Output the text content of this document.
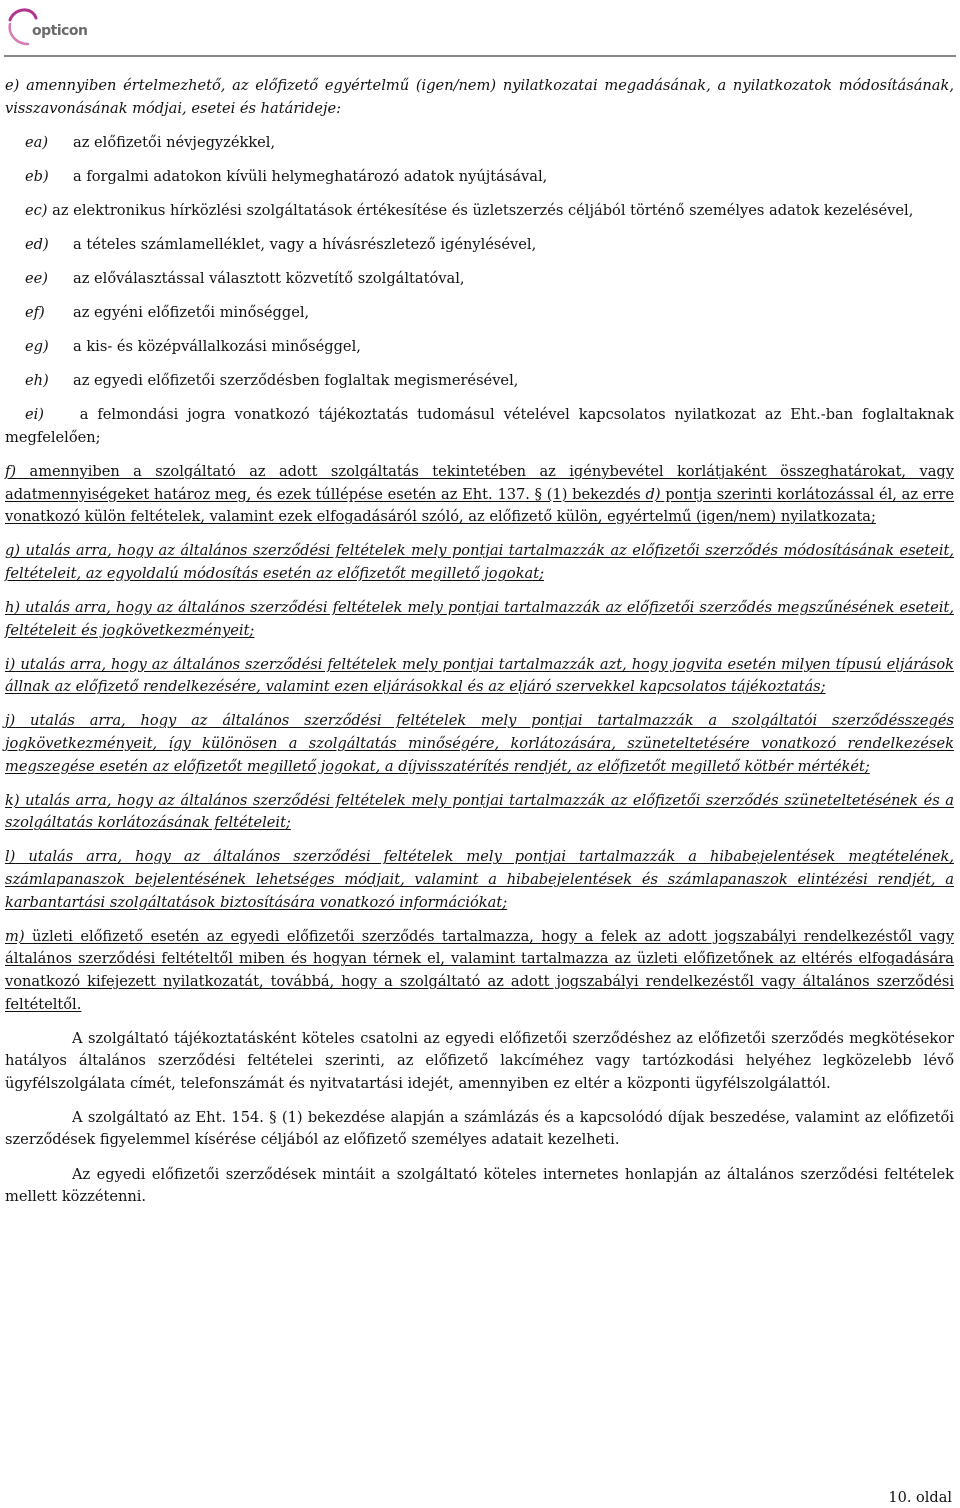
opticon

e) amennyiben értelmezhető, az előfizető egyértelmű (igen/nem) nyilatkozatai megadásának, a nyilatkozatok módosításának, visszavonásának módjai, esetei és határideje:

ea)	az előfizetői névjegyzékkel,
eb)	a forgalmi adatokon kívüli helymeghatározó adatok nyújtásával,

ec) az elektronikus hírközlési szolgáltatások értékesítése és üzletszerzés céljából történő személyes adatok kezelésével,

ed)	a tételes számlamelléklet, vagy a hívásrészletező igénylésével,
ee)	az előválasztással választott közvetítő szolgáltatóval,
ef)	az egyéni előfizetői minőséggel,
eg)	a kis- és középvállalkozási minőséggel,
eh)	az egyedi előfizetői szerződésben foglaltak megismerésével,

ei) a felmondási jogra vonatkozó tájékoztatás tudomásul vételével kapcsolatos nyilatkozat az Eht.-ban foglaltaknak megfelelően;

f) amennyiben a szolgáltató az adott szolgáltatás tekintetében az igénybevétel korlátjaként összeghatárokat, vagy adatmennyiségeket határoz meg, és ezek túllépése esetén az Eht. 137. § (1) bekezdés d) pontja szerinti korlátozással él, az erre vonatkozó külön feltételek, valamint ezek elfogadásáról szóló, az előfizető külön, egyértelmű (igen/nem) nyilatkozata;

g) utalás arra, hogy az általános szerződési feltételek mely pontjai tartalmazzák az előfizetői szerződés módosításának eseteit, feltételeit, az egyoldalú módosítás esetén az előfizetőt megillető jogokat;

h) utalás arra, hogy az általános szerződési feltételek mely pontjai tartalmazzák az előfizetői szerződés megszűnésének eseteit, feltételeit és jogkövetkezményeit;

i) utalás arra, hogy az általános szerződési feltételek mely pontjai tartalmazzák azt, hogy jogvita esetén milyen típusú eljárások állnak az előfizető rendelkezésére, valamint ezen eljárásokkal és az eljáró szervekkel kapcsolatos tájékoztatás;

j) utalás arra, hogy az általános szerződési feltételek mely pontjai tartalmazzák a szolgáltatói szerződésszegés jogkövetkezményeit, így különösen a szolgáltatás minőségére, korlátozására, szüneteltetésére vonatkozó rendelkezések megszegése esetén az előfizetőt megillető jogokat, a díjvisszatérítés rendjét, az előfizetőt megillető kötbér mértékét;

k) utalás arra, hogy az általános szerződési feltételek mely pontjai tartalmazzák az előfizetői szerződés szüneteltetésének és a szolgáltatás korlátozásának feltételeit;

l) utalás arra, hogy az általános szerződési feltételek mely pontjai tartalmazzák a hibabejelentések megtételének, számlapanaszok bejelentésének lehetséges módjait, valamint a hibabejelentések és számlapanaszok elintézési rendjét, a karbantartási szolgáltatások biztosítására vonatkozó információkat;

m) üzleti előfizető esetén az egyedi előfizetői szerződés tartalmazza, hogy a felek az adott jogszabályi rendelkezéstől vagy általános szerződési feltételtől miben és hogyan térnek el, valamint tartalmazza az üzleti előfizetőnek az eltérés elfogadására vonatkozó kifejezett nyilatkozatát, továbbá, hogy a szolgáltató az adott jogszabályi rendelkezéstől vagy általános szerződési feltételtől.

A szolgáltató tájékoztatásként köteles csatolni az egyedi előfizetői szerződéshez az előfizetői szerződés megkötésekor hatályos általános szerződési feltételei szerinti, az előfizető lakcíméhez vagy tartózkodási helyéhez legközelebb lévő ügyfélszolgálata címét, telefonszámát és nyitvatartási idejét, amennyiben ez eltér a központi ügyfélszolgálattól.

A szolgáltató az Eht. 154. § (1) bekezdése alapján a számlázás és a kapcsolódó díjak beszedése, valamint az előfizetői szerződések figyelemmel kísérése céljából az előfizető személyes adatait kezelheti.

Az egyedi előfizetői szerződések mintáit a szolgáltató köteles internetes honlapján az általános szerződési feltételek mellett közzétenni.

10. oldal
